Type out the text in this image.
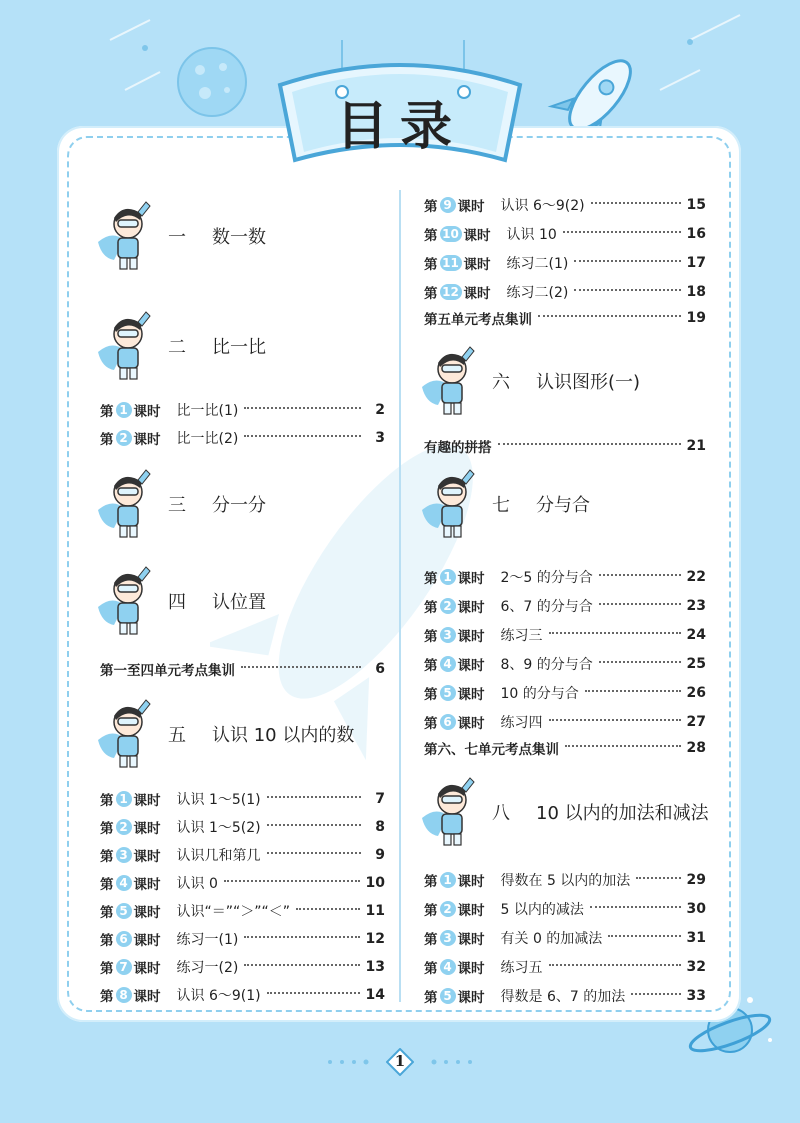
目录
一 数一数
二 比一比
第 1 课时 比一比(1)	2
第 2 课时 比一比(2)	3
三 分一分
四 认位置
第一至四单元考点集训	6
五 认识 10 以内的数
第 1 课时 认识 1～5(1)	7
第 2 课时 认识 1～5(2)	8
第 3 课时 认识几和第几	9
第 4 课时 认识 0	10
第 5 课时 认识“＝”“＞”“＜”	11
第 6 课时 练习一(1)	12
第 7 课时 练习一(2)	13
第 8 课时 认识 6～9(1)	14
第 9 课时 认识 6～9(2)	15
第 10 课时 认识 10	16
第 11 课时 练习二(1)	17
第 12 课时 练习二(2)	18
第五单元考点集训	19
六 认识图形(一)
有趣的拼搭	21
七 分与合
第 1 课时 2～5 的分与合	22
第 2 课时 6、7 的分与合	23
第 3 课时 练习三	24
第 4 课时 8、9 的分与合	25
第 5 课时 10 的分与合	26
第 6 课时 练习四	27
第六、七单元考点集训	28
八 10 以内的加法和减法
第 1 课时 得数在 5 以内的加法	29
第 2 课时 5 以内的减法	30
第 3 课时 有关 0 的加减法	31
第 4 课时 练习五	32
第 5 课时 得数是 6、7 的加法	33
1
